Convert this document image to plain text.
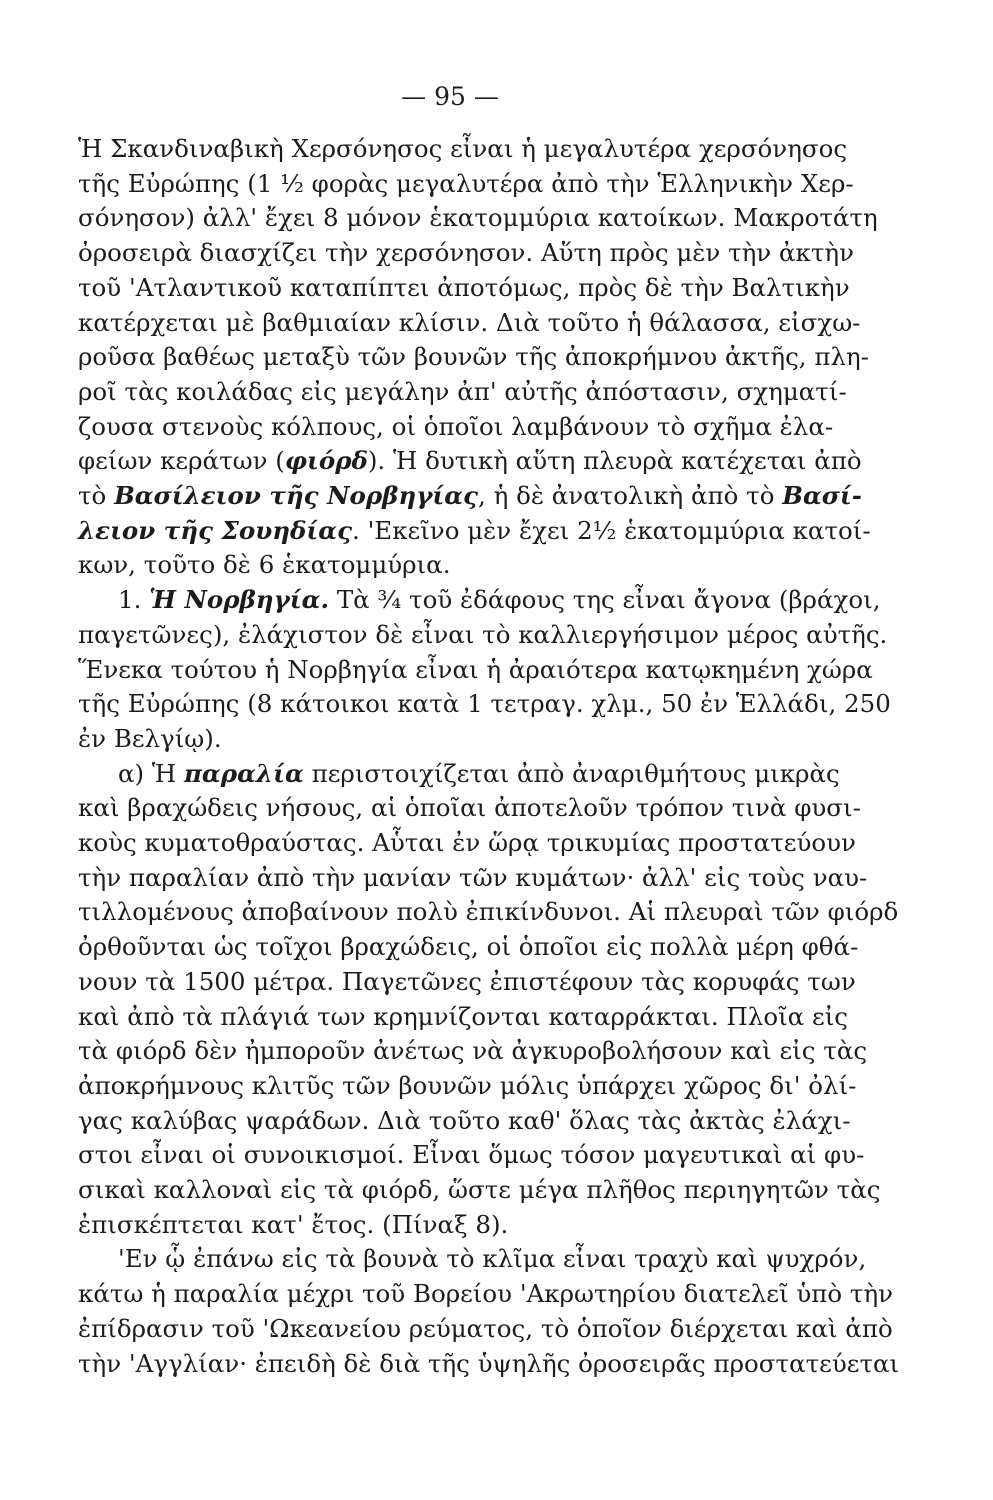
— 95 —
Ἡ Σκανδιναβικὴ Χερσόνησος εἶναι ἡ μεγαλυτέρα χερσόνησος
τῆς Εὐρώπης (1 ½ φορὰς μεγαλυτέρα ἀπὸ τὴν Ἑλληνικὴν Χερ-
σόνησον) ἀλλ' ἔχει 8 μόνον ἑκατομμύρια κατοίκων. Μακροτάτη
ὀροσειρὰ διασχίζει τὴν χερσόνησον. Αὕτη πρὸς μὲν τὴν ἀκτὴν
τοῦ 'Ατλαντικοῦ καταπίπτει ἀποτόμως, πρὸς δὲ τὴν Βαλτικὴν
κατέρχεται μὲ βαθμιαίαν κλίσιν. Διὰ τοῦτο ἡ θάλασσα, εἰσχω-
ροῦσα βαθέως μεταξὺ τῶν βουνῶν τῆς ἀποκρήμνου ἀκτῆς, πλη-
ροῖ τὰς κοιλάδας εἰς μεγάλην ἀπ' αὐτῆς ἀπόστασιν, σχηματί-
ζουσα στενοὺς κόλπους, οἱ ὁποῖοι λαμβάνουν τὸ σχῆμα ἐλα-
φείων κεράτων (φιόρδ). Ἡ δυτικὴ αὕτη πλευρὰ κατέχεται ἀπὸ
τὸ Βασίλειον τῆς Νορβηγίας, ἡ δὲ ἀνατολικὴ ἀπὸ τὸ Βασί-
λειον τῆς Σουηδίας. 'Εκεῖνο μὲν ἔχει 2½ ἑκατομμύρια κατοί-
κων, τοῦτο δὲ 6 ἑκατομμύρια.
1. Ἡ Νορβηγία. Τὰ ¾ τοῦ ἐδάφους της εἶναι ἄγονα (βράχοι,
παγετῶνες), ἐλάχιστον δὲ εἶναι τὸ καλλιεργήσιμον μέρος αὐτῆς.
Ἕνεκα τούτου ἡ Νορβηγία εἶναι ἡ ἀραιότερα κατῳκημένη χώρα
τῆς Εὐρώπης (8 κάτοικοι κατὰ 1 τετραγ. χλμ., 50 ἐν Ἑλλάδι, 250
ἐν Βελγίῳ).
α) Ἡ παραλία περιστοιχίζεται ἀπὸ ἀναριθμήτους μικρὰς
καὶ βραχώδεις νήσους, αἱ ὁποῖαι ἀποτελοῦν τρόπον τινὰ φυσι-
κοὺς κυματοθραύστας. Αὗται ἐν ὥρᾳ τρικυμίας προστατεύουν
τὴν παραλίαν ἀπὸ τὴν μανίαν τῶν κυμάτων· ἀλλ' εἰς τοὺς ναυ-
τιλλομένους ἀποβαίνουν πολὺ ἐπικίνδυνοι. Αἱ πλευραὶ τῶν φιόρδ
ὀρθοῦνται ὡς τοῖχοι βραχώδεις, οἱ ὁποῖοι εἰς πολλὰ μέρη φθά-
νουν τὰ 1500 μέτρα. Παγετῶνες ἐπιστέφουν τὰς κορυφάς των
καὶ ἀπὸ τὰ πλάγιά των κρημνίζονται καταρράκται. Πλοῖα εἰς
τὰ φιόρδ δὲν ἠμποροῦν ἀνέτως νὰ ἀγκυροβολήσουν καὶ εἰς τὰς
ἀποκρήμνους κλιτῦς τῶν βουνῶν μόλις ὑπάρχει χῶρος δι' ὀλί-
γας καλύβας ψαράδων. Διὰ τοῦτο καθ' ὅλας τὰς ἀκτὰς ἐλάχι-
στοι εἶναι οἱ συνοικισμοί. Εἶναι ὅμως τόσον μαγευτικαὶ αἱ φυ-
σικαὶ καλλοναὶ εἰς τὰ φιόρδ, ὥστε μέγα πλῆθος περιηγητῶν τὰς
ἐπισκέπτεται κατ' ἔτος. (Πίναξ 8).
'Εν ᾧ ἐπάνω εἰς τὰ βουνὰ τὸ κλῖμα εἶναι τραχὺ καὶ ψυχρόν,
κάτω ἡ παραλία μέχρι τοῦ Βορείου 'Ακρωτηρίου διατελεῖ ὑπὸ τὴν
ἐπίδρασιν τοῦ 'Ωκεανείου ρεύματος, τὸ ὁποῖον διέρχεται καὶ ἀπὸ
τὴν 'Αγγλίαν· ἐπειδὴ δὲ διὰ τῆς ὑψηλῆς ὀροσειρᾶς προστατεύεται
